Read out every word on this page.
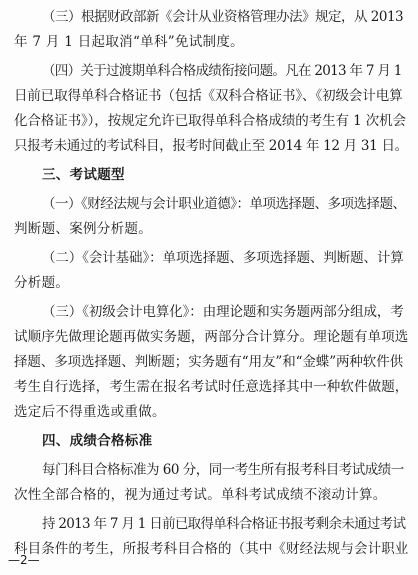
（三）根据财政部新《会计从业资格管理办法》规定，从 2013
年 7 月 1 日起取消“单科”免试制度。
（四）关于过渡期单科合格成绩衔接问题。凡在 2013 年 7 月 1
日前已取得单科合格证书（包括《双科合格证书》、《初级会计电算
化合格证书》），按规定允许已取得单科合格成绩的考生有 1 次机会
只报考未通过的考试科目，报考时间截止至 2014 年 12 月 31 日。
三、考试题型
（一）《财经法规与会计职业道德》：单项选择题、多项选择题、
判断题、案例分析题。
（二）《会计基础》：单项选择题、多项选择题、判断题、计算
分析题。
（三）《初级会计电算化》：由理论题和实务题两部分组成，考
试顺序先做理论题再做实务题，两部分合计算分。理论题有单项选
择题、多项选择题、判断题；实务题有“用友”和“金蝶”两种软件供
考生自行选择，考生需在报名考试时任意选择其中一种软件做题，
选定后不得重选或重做。
四、成绩合格标准
每门科目合格标准为 60 分，同一考生所有报考科目考试成绩一
次性全部合格的，视为通过考试。单科考试成绩不滚动计算。
持 2013 年 7 月 1 日前已取得单科合格证书报考剩余未通过考试
科目条件的考生，所报考科目合格的（其中《财经法规与会计职业
—2—
